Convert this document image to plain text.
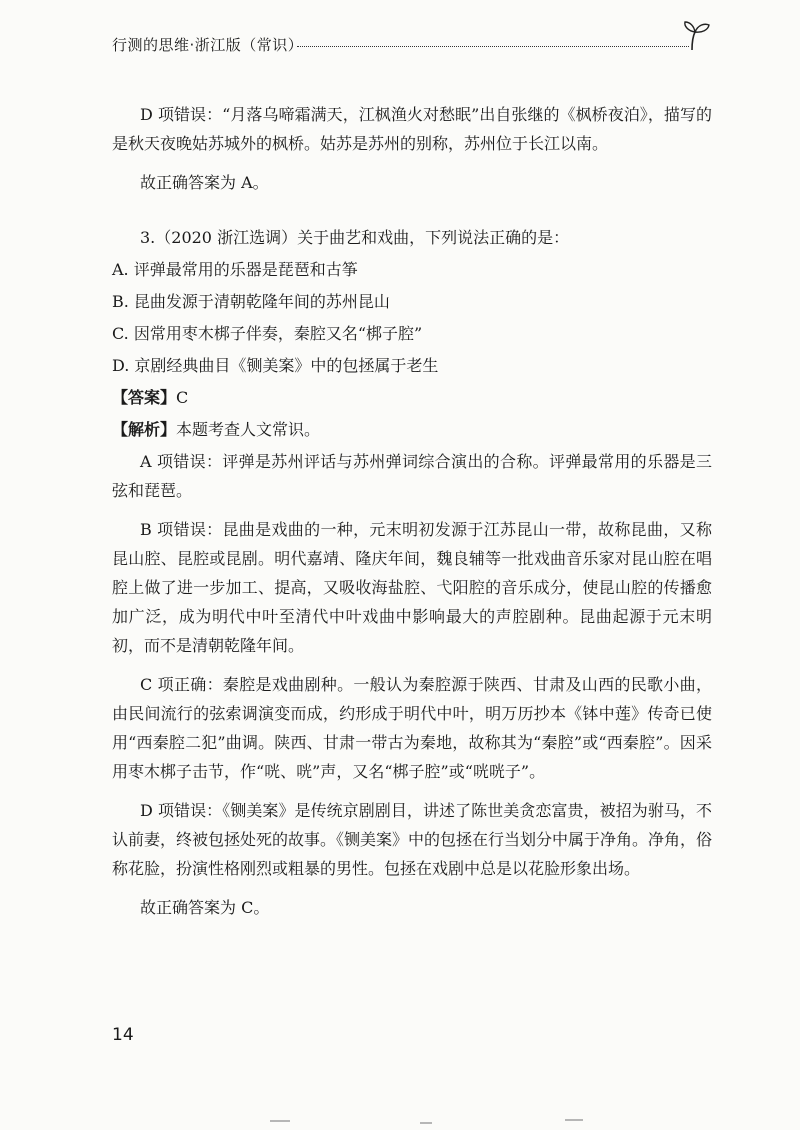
行测的思维·浙江版（常识）

D 项错误：“月落乌啼霜满天，江枫渔火对愁眠”出自张继的《枫桥夜泊》，描写的是秋天夜晚姑苏城外的枫桥。姑苏是苏州的别称，苏州位于长江以南。

故正确答案为 A。

3.（2020 浙江选调）关于曲艺和戏曲，下列说法正确的是：

A. 评弹最常用的乐器是琵琶和古筝

B. 昆曲发源于清朝乾隆年间的苏州昆山

C. 因常用枣木梆子伴奏，秦腔又名“梆子腔”

D. 京剧经典曲目《铡美案》中的包拯属于老生

【答案】C

【解析】本题考查人文常识。

A 项错误：评弹是苏州评话与苏州弹词综合演出的合称。评弹最常用的乐器是三弦和琵琶。

B 项错误：昆曲是戏曲的一种，元末明初发源于江苏昆山一带，故称昆曲，又称昆山腔、昆腔或昆剧。明代嘉靖、隆庆年间，魏良辅等一批戏曲音乐家对昆山腔在唱腔上做了进一步加工、提高，又吸收海盐腔、弋阳腔的音乐成分，使昆山腔的传播愈加广泛，成为明代中叶至清代中叶戏曲中影响最大的声腔剧种。昆曲起源于元末明初，而不是清朝乾隆年间。

C 项正确：秦腔是戏曲剧种。一般认为秦腔源于陕西、甘肃及山西的民歌小曲，由民间流行的弦索调演变而成，约形成于明代中叶，明万历抄本《钵中莲》传奇已使用“西秦腔二犯”曲调。陕西、甘肃一带古为秦地，故称其为“秦腔”或“西秦腔”。因采用枣木梆子击节，作“咣、咣”声，又名“梆子腔”或“咣咣子”。

D 项错误：《铡美案》是传统京剧剧目，讲述了陈世美贪恋富贵，被招为驸马，不认前妻，终被包拯处死的故事。《铡美案》中的包拯在行当划分中属于净角。净角，俗称花脸，扮演性格刚烈或粗暴的男性。包拯在戏剧中总是以花脸形象出场。

故正确答案为 C。

14
